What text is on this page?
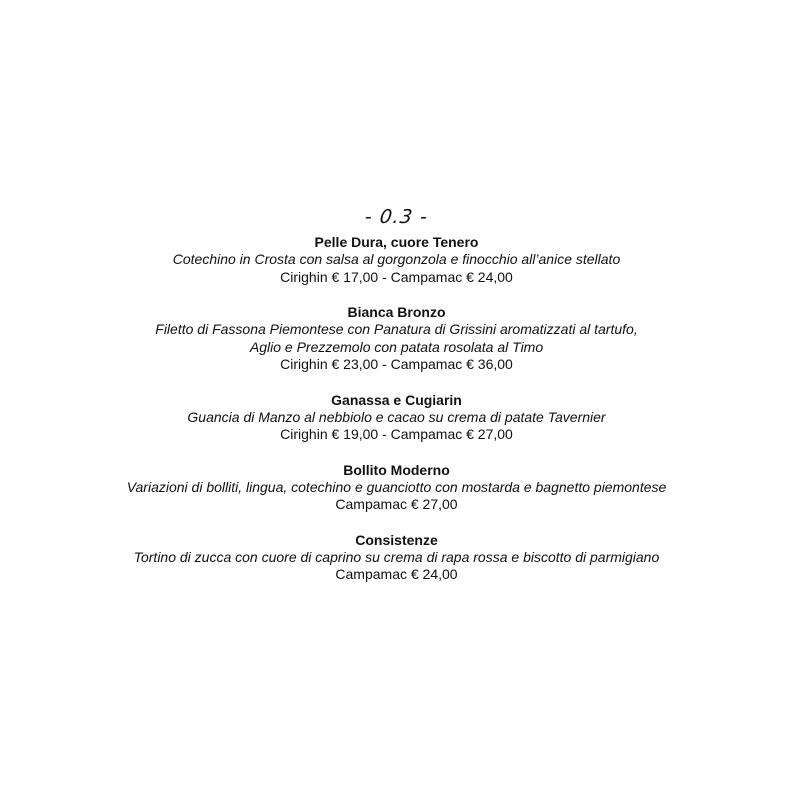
- 0.3 -

Pelle Dura, cuore Tenero

Cotechino in Crosta con salsa al gorgonzola e finocchio all’anice stellato

Cirighin € 17,00 - Campamac € 24,00

Bianca Bronzo

Filetto di Fassona Piemontese con Panatura di Grissini aromatizzati al tartufo,

Aglio e Prezzemolo con patata rosolata al Timo

Cirighin € 23,00 - Campamac € 36,00

Ganassa e Cugiarin

Guancia di Manzo al nebbiolo e cacao su crema di patate Tavernier

Cirighin € 19,00 - Campamac € 27,00

Bollito Moderno

Variazioni di bolliti, lingua, cotechino e guanciotto con mostarda e bagnetto piemontese

Campamac € 27,00

Consistenze

Tortino di zucca con cuore di caprino su crema di rapa rossa e biscotto di parmigiano

Campamac € 24,00
